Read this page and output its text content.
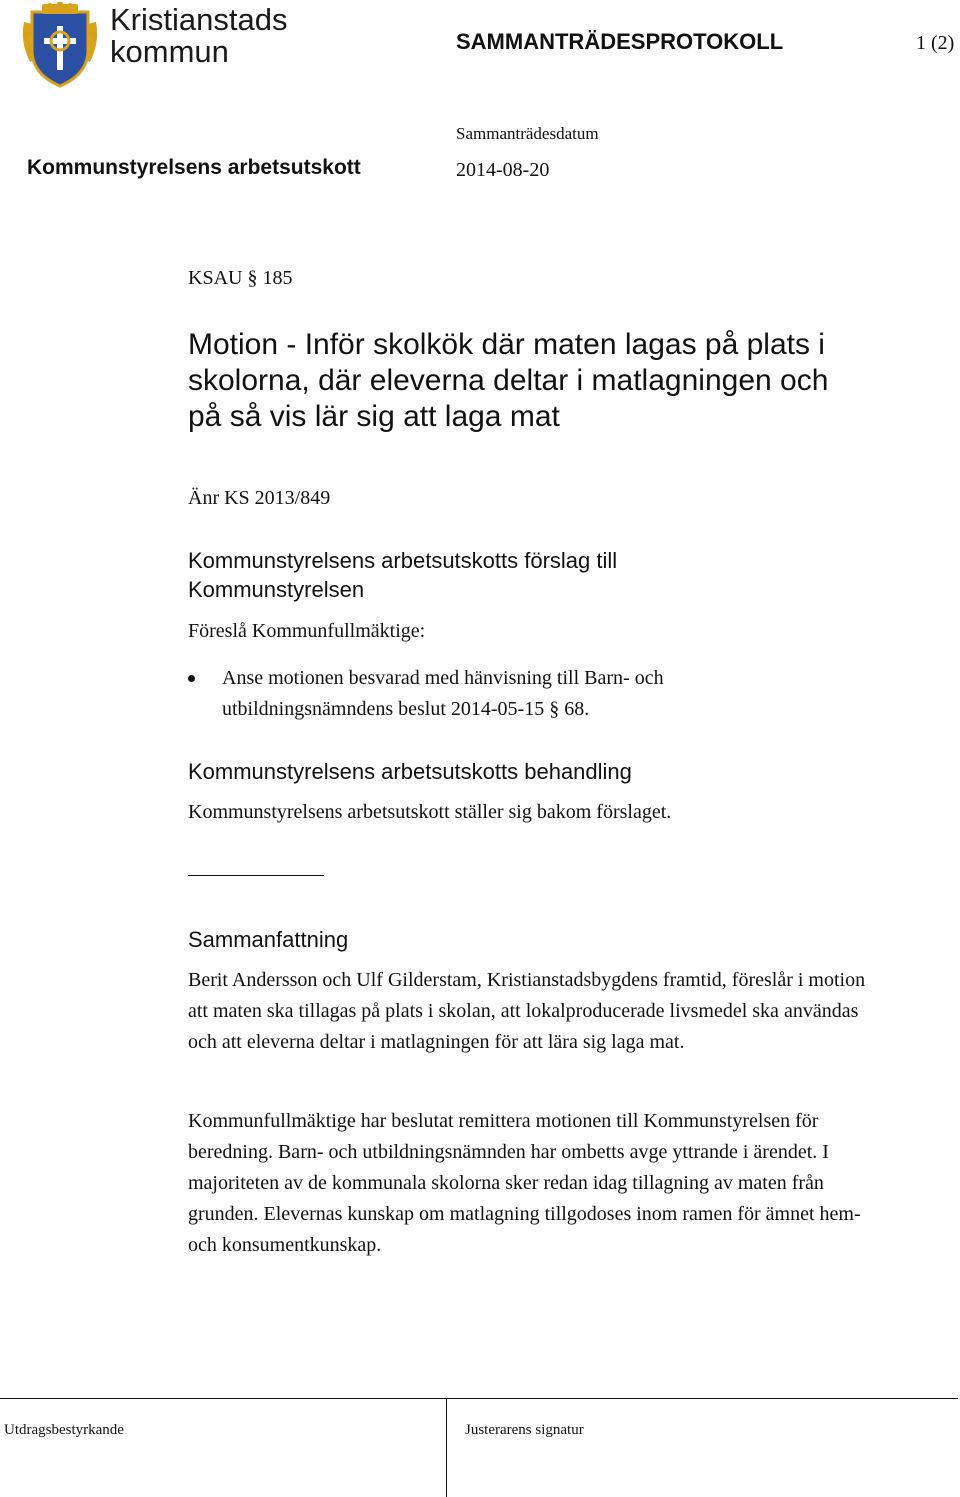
Kristianstads
kommun	SAMMANTRÄDESPROTOKOLL	1 (2)
Kommunstyrelsens arbetsutskott
Sammanträdesdatum
2014-08-20
KSAU § 185
Motion - Inför skolkök där maten lagas på plats i skolorna, där eleverna deltar i matlagningen och på så vis lär sig att laga mat
Änr KS 2013/849
Kommunstyrelsens arbetsutskotts förslag till Kommunstyrelsen
Föreslå Kommunfullmäktige:
Anse motionen besvarad med hänvisning till Barn- och utbildningsnämndens beslut 2014-05-15 § 68.
Kommunstyrelsens arbetsutskotts behandling
Kommunstyrelsens arbetsutskott ställer sig bakom förslaget.
Sammanfattning
Berit Andersson och Ulf Gilderstam, Kristianstadsbygdens framtid, föreslår i motion att maten ska tillagas på plats i skolan, att lokalproducerade livsmedel ska användas och att eleverna deltar i matlagningen för att lära sig laga mat.
Kommunfullmäktige har beslutat remittera motionen till Kommunstyrelsen för beredning. Barn- och utbildningsnämnden har ombetts avge yttrande i ärendet. I majoriteten av de kommunala skolorna sker redan idag tillagning av maten från grunden. Elevernas kunskap om matlagning tillgodoses inom ramen för ämnet hem- och konsumentkunskap.
Utdragsbestyrkande	Justerarens signatur
